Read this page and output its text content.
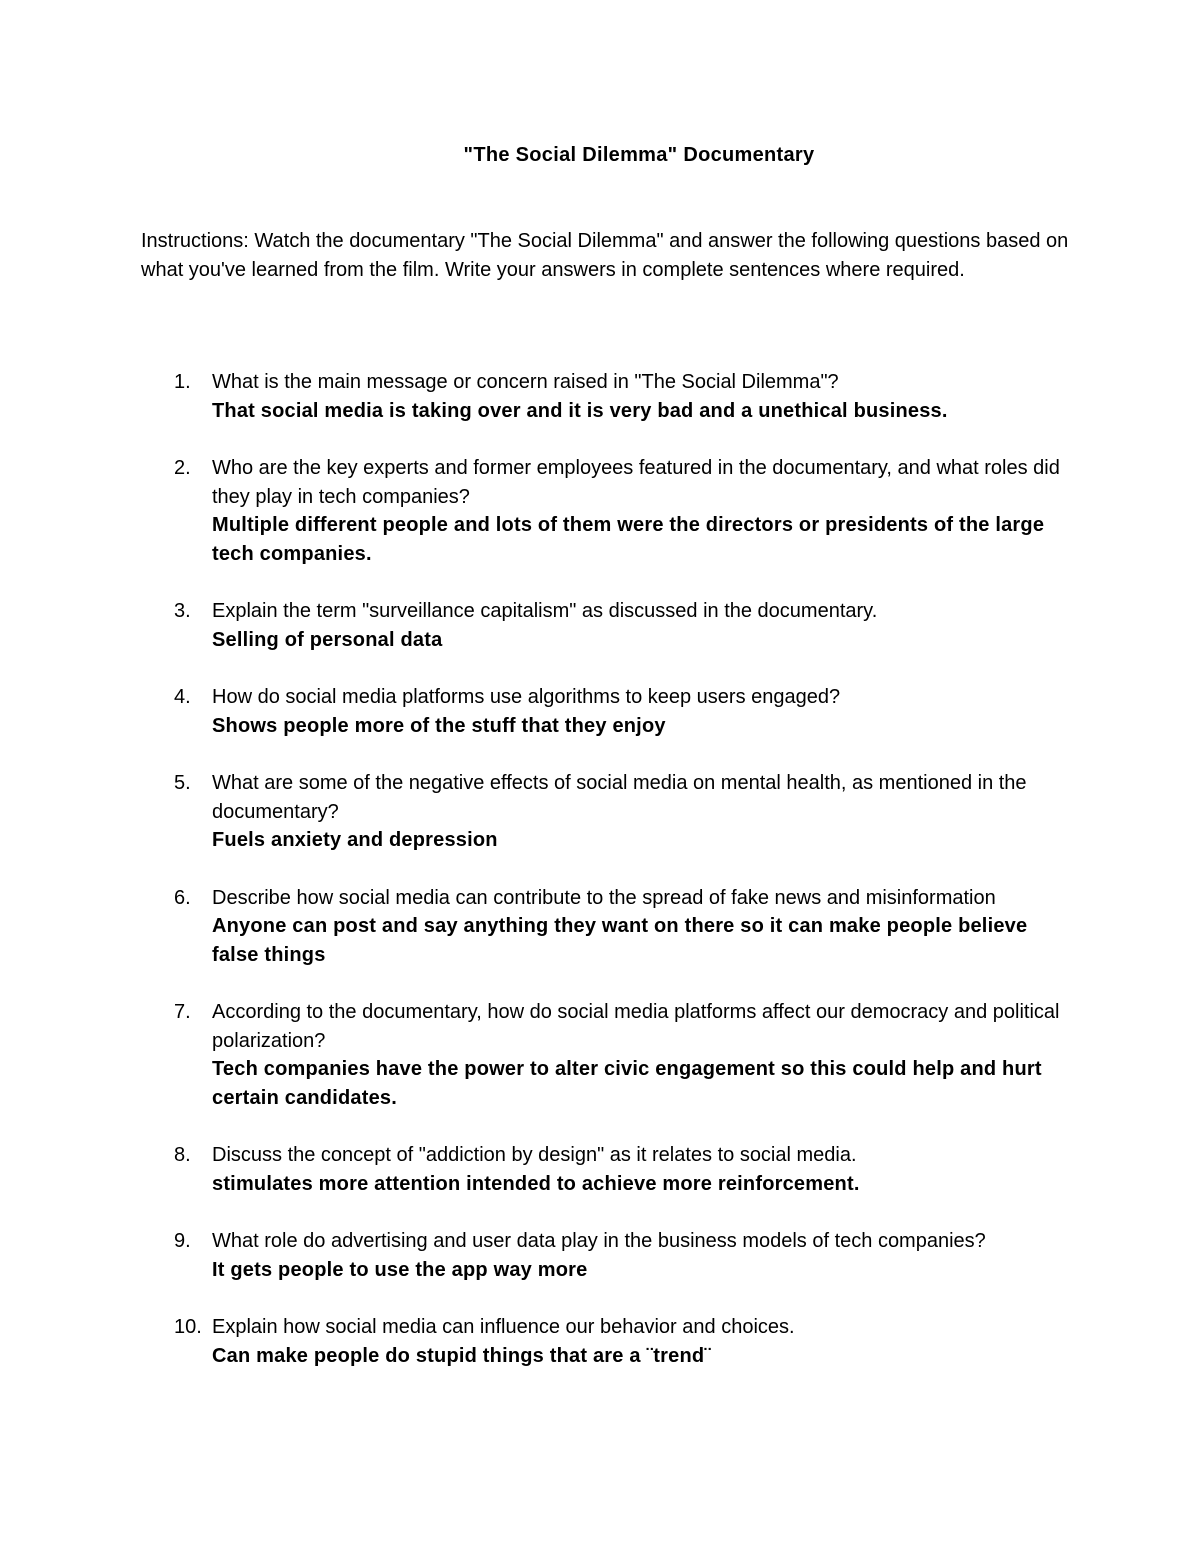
"The Social Dilemma" Documentary
Instructions: Watch the documentary "The Social Dilemma" and answer the following questions based on what you've learned from the film. Write your answers in complete sentences where required.
1. What is the main message or concern raised in "The Social Dilemma"?
That social media is taking over and it is very bad and a unethical business.
2. Who are the key experts and former employees featured in the documentary, and what roles did they play in tech companies?
Multiple different people and lots of them were the directors or presidents of the large tech companies.
3. Explain the term "surveillance capitalism" as discussed in the documentary.
Selling of personal data
4. How do social media platforms use algorithms to keep users engaged?
Shows people more of the stuff that they enjoy
5. What are some of the negative effects of social media on mental health, as mentioned in the documentary?
Fuels anxiety and depression
6. Describe how social media can contribute to the spread of fake news and misinformation
Anyone can post and say anything they want on there so it can make people believe false things
7. According to the documentary, how do social media platforms affect our democracy and political polarization?
Tech companies have the power to alter civic engagement so this could help and hurt certain candidates.
8. Discuss the concept of "addiction by design" as it relates to social media.
stimulates more attention intended to achieve more reinforcement.
9. What role do advertising and user data play in the business models of tech companies?
It gets people to use the app way more
10. Explain how social media can influence our behavior and choices.
Can make people do stupid things that are a ¨trend¨
